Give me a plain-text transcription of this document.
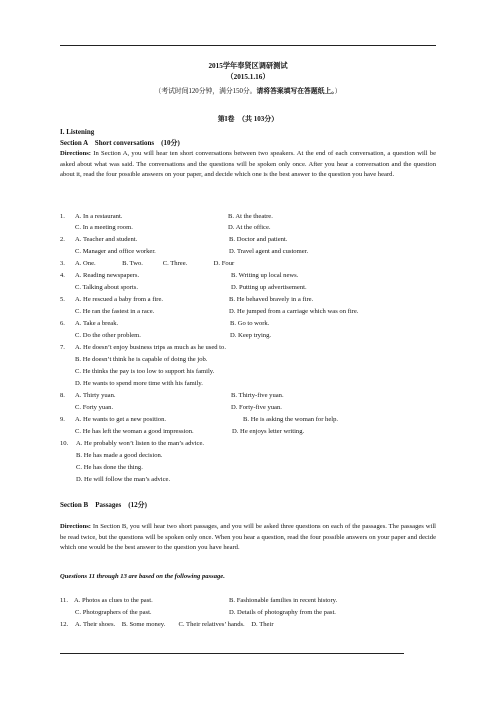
2015学年奉贤区调研测试
（2015.1.16）
（考试时间120分钟，满分150分。请将答案填写在答题纸上。）
第I卷　（共 103分）
I. Listening
Section A　Short conversations　(10分)
Directions: In Section A, you will hear ten short conversations between two speakers. At the end of each conversation, a question will be asked about what was said. The conversations and the questions will be spoken only once. After you hear a conversation and the question about it, read the four possible answers on your paper, and decide which one is the best answer to the question you have heard.
1. A. In a restaurant.	B. At the theatre.
C. In a meeting room.	D. At the office.
2. A. Teacher and student.	B. Doctor and patient.
C. Manager and office worker.	D. Travel agent and customer.
3. A. One.　　　　B. Two.　　　C. Three.　　　　D. Four
4. A. Reading newspapers.	B. Writing up local news.
C. Talking about sports.	D. Putting up advertisement.
5. A. He rescued a baby from a fire.	B. He behaved bravely in a fire.
C. He ran the fastest in a race.	D. He jumped from a carriage which was on fire.
6. A. Take a break.	B. Go to work.
C. Do the other problem.	D. Keep trying.
7. A. He doesn’t enjoy business trips as much as he used to.
B. He doesn’t think he is capable of doing the job.
C. He thinks the pay is too low to support his family.
D. He wants to spend more time with his family.
8. A. Thirty yuan.	B. Thirty-five yuan.
C. Forty yuan.	D. Forty-five yuan.
9. A. He wants to get a new position.	B. He is asking the woman for help.
C. He has left the woman a good impression.	D. He enjoys letter writing.
10. A. He probably won’t listen to the man’s advice.
B. He has made a good decision.
C. He has done the thing.
D. He will follow the man’s advice.
Section B　Passages　(12分)
Directions: In Section B, you will hear two short passages, and you will be asked three questions on each of the passages. The passages will be read twice, but the questions will be spoken only once. When you hear a question, read the four possible answers on your paper and decide which one would be the best answer to the question you have heard.
Questions 11 through 13 are based on the following passage.
11. A. Photos as clues to the past.	B. Fashionable families in recent history.
C. Photographers of the past.	D. Details of photography from the past.
12. A. Their shoes.　B. Some money.　　C. Their relatives’ hands.　D. Their
